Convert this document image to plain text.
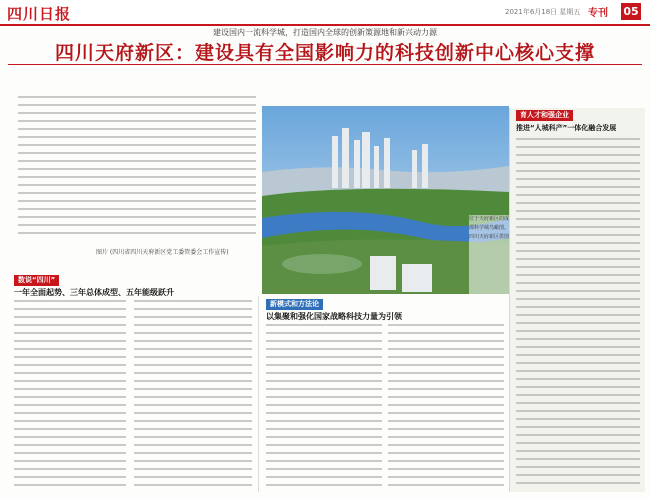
四川日报	2021年6月18日 星期五 专刊 05
建设国内一流科学城，打造国内全球的创新策源地和新兴动力源
四川天府新区：建设具有全国影响力的科技创新中心核心支撑
图片 (四川省四川天府新区党工委管委会工作宣传)
位于天府新区的成都科学城鸟瞰图。四川天府新区供图
数说“四川”
一年全面起势、三年总体成型、五年能级跃升
新模式和方法论
以集聚和强化国家战略科技力量为引领
育人才和强企业
推进“人城科产”一体化融合发展
